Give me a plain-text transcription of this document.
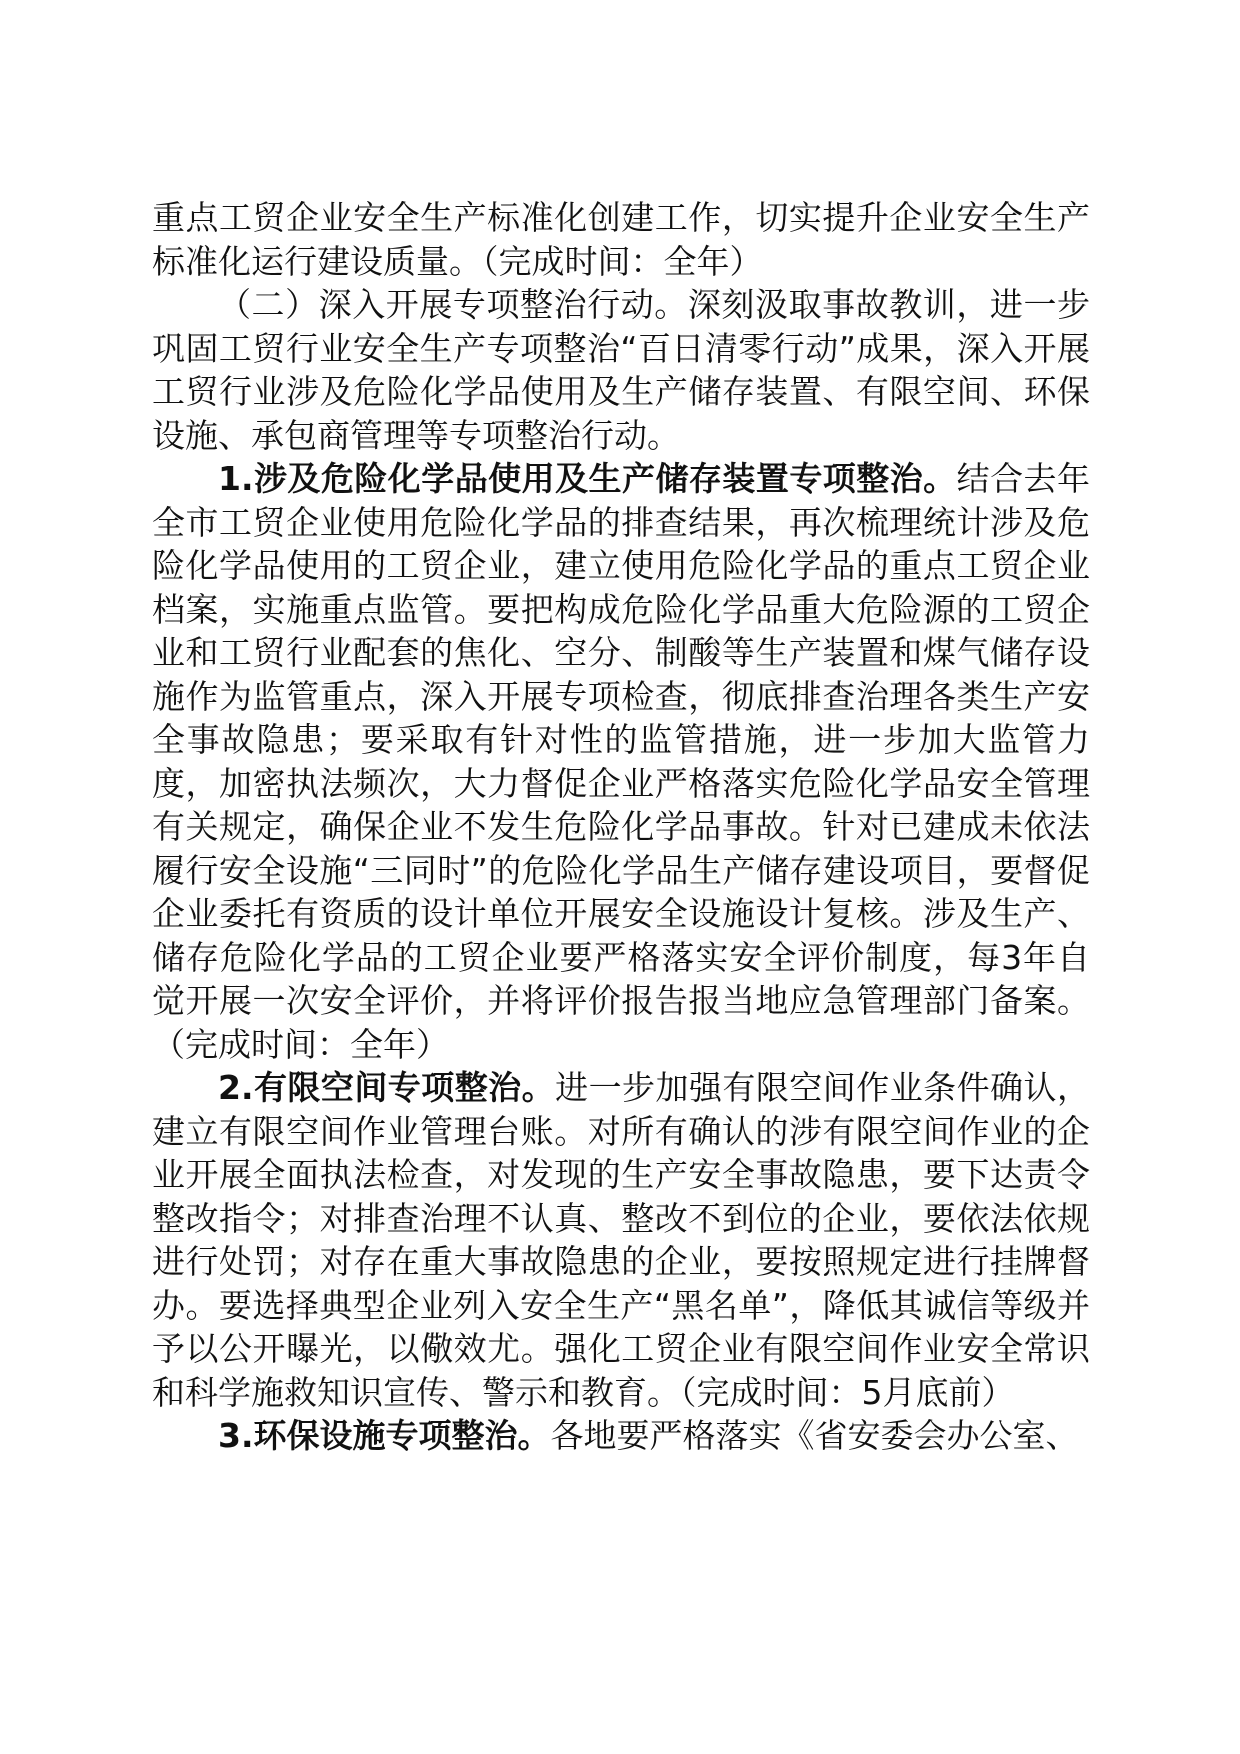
重点工贸企业安全生产标准化创建工作，切实提升企业安全生产标准化运行建设质量。（完成时间：全年）

（二）深入开展专项整治行动。深刻汲取事故教训，进一步巩固工贸行业安全生产专项整治“百日清零行动”成果，深入开展工贸行业涉及危险化学品使用及生产储存装置、有限空间、环保设施、承包商管理等专项整治行动。

1.涉及危险化学品使用及生产储存装置专项整治。结合去年全市工贸企业使用危险化学品的排查结果，再次梳理统计涉及危险化学品使用的工贸企业，建立使用危险化学品的重点工贸企业档案，实施重点监管。要把构成危险化学品重大危险源的工贸企业和工贸行业配套的焦化、空分、制酸等生产装置和煤气储存设施作为监管重点，深入开展专项检查，彻底排查治理各类生产安全事故隐患；要采取有针对性的监管措施，进一步加大监管力度，加密执法频次，大力督促企业严格落实危险化学品安全管理有关规定，确保企业不发生危险化学品事故。针对已建成未依法履行安全设施“三同时”的危险化学品生产储存建设项目，要督促企业委托有资质的设计单位开展安全设施设计复核。涉及生产、储存危险化学品的工贸企业要严格落实安全评价制度，每3年自觉开展一次安全评价，并将评价报告报当地应急管理部门备案。（完成时间：全年）

2.有限空间专项整治。进一步加强有限空间作业条件确认，建立有限空间作业管理台账。对所有确认的涉有限空间作业的企业开展全面执法检查，对发现的生产安全事故隐患，要下达责令整改指令；对排查治理不认真、整改不到位的企业，要依法依规进行处罚；对存在重大事故隐患的企业，要按照规定进行挂牌督办。要选择典型企业列入安全生产“黑名单”，降低其诚信等级并予以公开曝光，以儆效尤。强化工贸企业有限空间作业安全常识和科学施救知识宣传、警示和教育。（完成时间：5月底前）

3.环保设施专项整治。各地要严格落实《省安委会办公室、
